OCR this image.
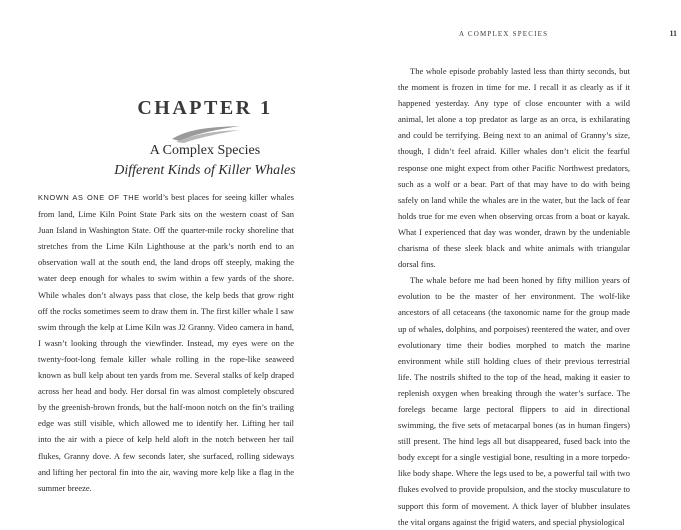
CHAPTER 1
A Complex Species
Different Kinds of Killer Whales

KNOWN AS ONE OF THE world’s best places for seeing killer whales from land, Lime Kiln Point State Park sits on the western coast of San Juan Island in Washington State. Off the quarter-mile rocky shoreline that stretches from the Lime Kiln Lighthouse at the park’s north end to an observation wall at the south end, the land drops off steeply, making the water deep enough for whales to swim within a few yards of the shore. While whales don’t always pass that close, the kelp beds that grow right off the rocks sometimes seem to draw them in. The first killer whale I saw swim through the kelp at Lime Kiln was J2 Granny. Video camera in hand, I wasn’t looking through the viewfinder. Instead, my eyes were on the twenty-foot-long female killer whale rolling in the rope-like seaweed known as bull kelp about ten yards from me. Several stalks of kelp draped across her head and body. Her dorsal fin was almost completely obscured by the greenish-brown fronds, but the half-moon notch on the fin’s trailing edge was still visible, which allowed me to identify her. Lifting her tail into the air with a piece of kelp held aloft in the notch between her tail flukes, Granny dove. A few seconds later, she surfaced, rolling sideways and lifting her pectoral fin into the air, waving more kelp like a flag in the summer breeze.

A COMPLEX SPECIES	11

The whole episode probably lasted less than thirty seconds, but the moment is frozen in time for me. I recall it as clearly as if it happened yesterday. Any type of close encounter with a wild animal, let alone a top predator as large as an orca, is exhilarating and could be terrifying. Being next to an animal of Granny’s size, though, I didn’t feel afraid. Killer whales don’t elicit the fearful response one might expect from other Pacific Northwest predators, such as a wolf or a bear. Part of that may have to do with being safely on land while the whales are in the water, but the lack of fear holds true for me even when observing orcas from a boat or kayak. What I experienced that day was wonder, drawn by the undeniable charisma of these sleek black and white animals with triangular dorsal fins.

The whale before me had been honed by fifty million years of evolution to be the master of her environment. The wolf-like ancestors of all cetaceans (the taxonomic name for the group made up of whales, dolphins, and porpoises) reentered the water, and over evolutionary time their bodies morphed to match the marine environment while still holding clues of their previous terrestrial life. The nostrils shifted to the top of the head, making it easier to replenish oxygen when breaking through the water’s surface. The forelegs became large pectoral flippers to aid in directional swimming, the five sets of metacarpal bones (as in human fingers) still present. The hind legs all but disappeared, fused back into the body except for a single vestigial bone, resulting in a more torpedo-like body shape. Where the legs used to be, a powerful tail with two flukes evolved to provide propulsion, and the stocky musculature to support this form of movement. A thick layer of blubber insulates the vital organs against the frigid waters, and special physiological
